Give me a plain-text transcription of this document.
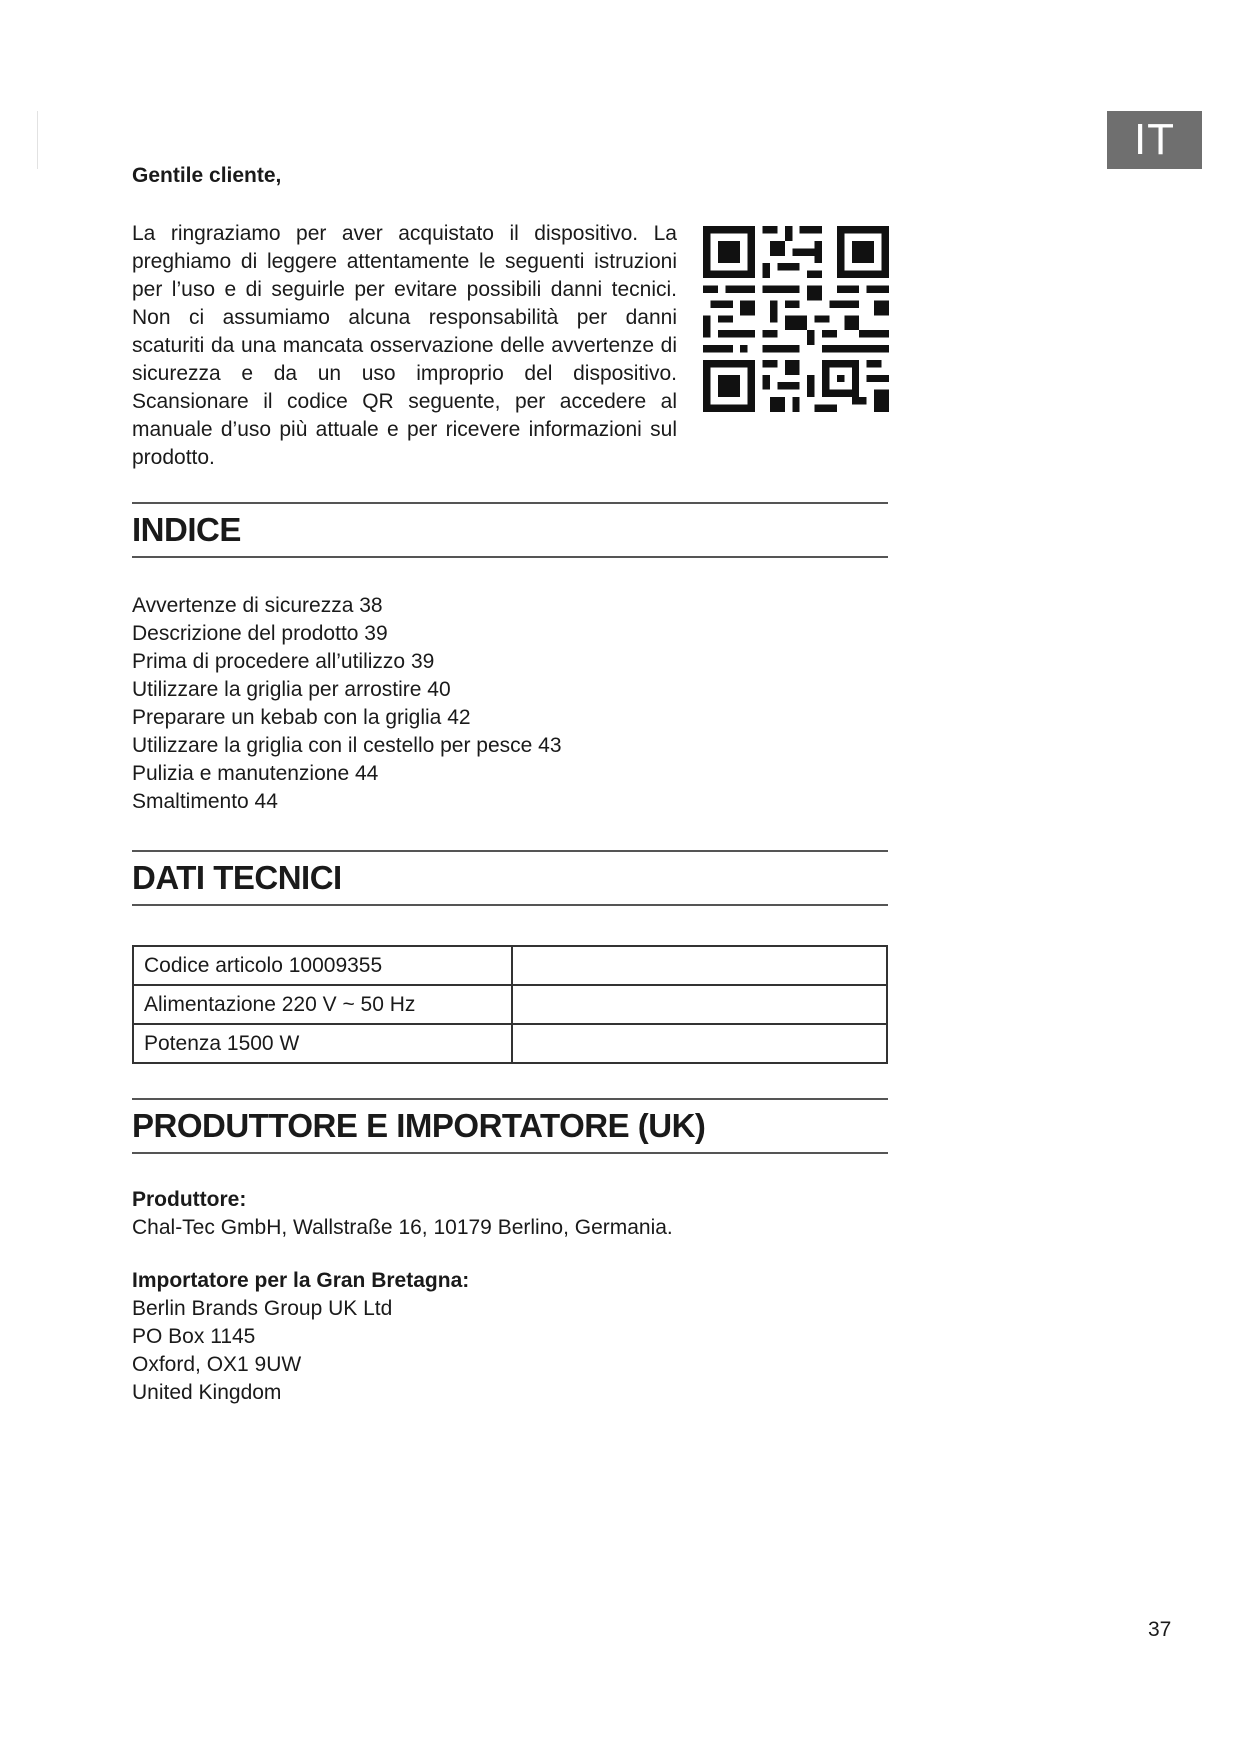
IT
Gentile cliente,
La ringraziamo per aver acquistato il dispositivo. La preghiamo di leggere attentamente le seguenti istruzioni per l’uso e di seguirle per evitare possibili danni tecnici. Non ci assumiamo alcuna responsabilità per danni scaturiti da una mancata osservazione delle avvertenze di sicurezza e da un uso improprio del dispositivo. Scansionare il codice QR seguente, per accedere al manuale d’uso più attuale e per ricevere informazioni sul prodotto.
INDICE
Avvertenze di sicurezza 38
Descrizione del prodotto 39
Prima di procedere all’utilizzo 39
Utilizzare la griglia per arrostire 40
Preparare un kebab con la griglia 42
Utilizzare la griglia con il cestello per pesce 43
Pulizia e manutenzione 44
Smaltimento 44
DATI TECNICI
Codice articolo 10009355	
Alimentazione 220 V ~ 50 Hz	
Potenza 1500 W	
PRODUTTORE E IMPORTATORE (UK)
Produttore:
Chal-Tec GmbH, Wallstraße 16, 10179 Berlino, Germania.
Importatore per la Gran Bretagna:
Berlin Brands Group UK Ltd
PO Box 1145
Oxford, OX1 9UW
United Kingdom
37
